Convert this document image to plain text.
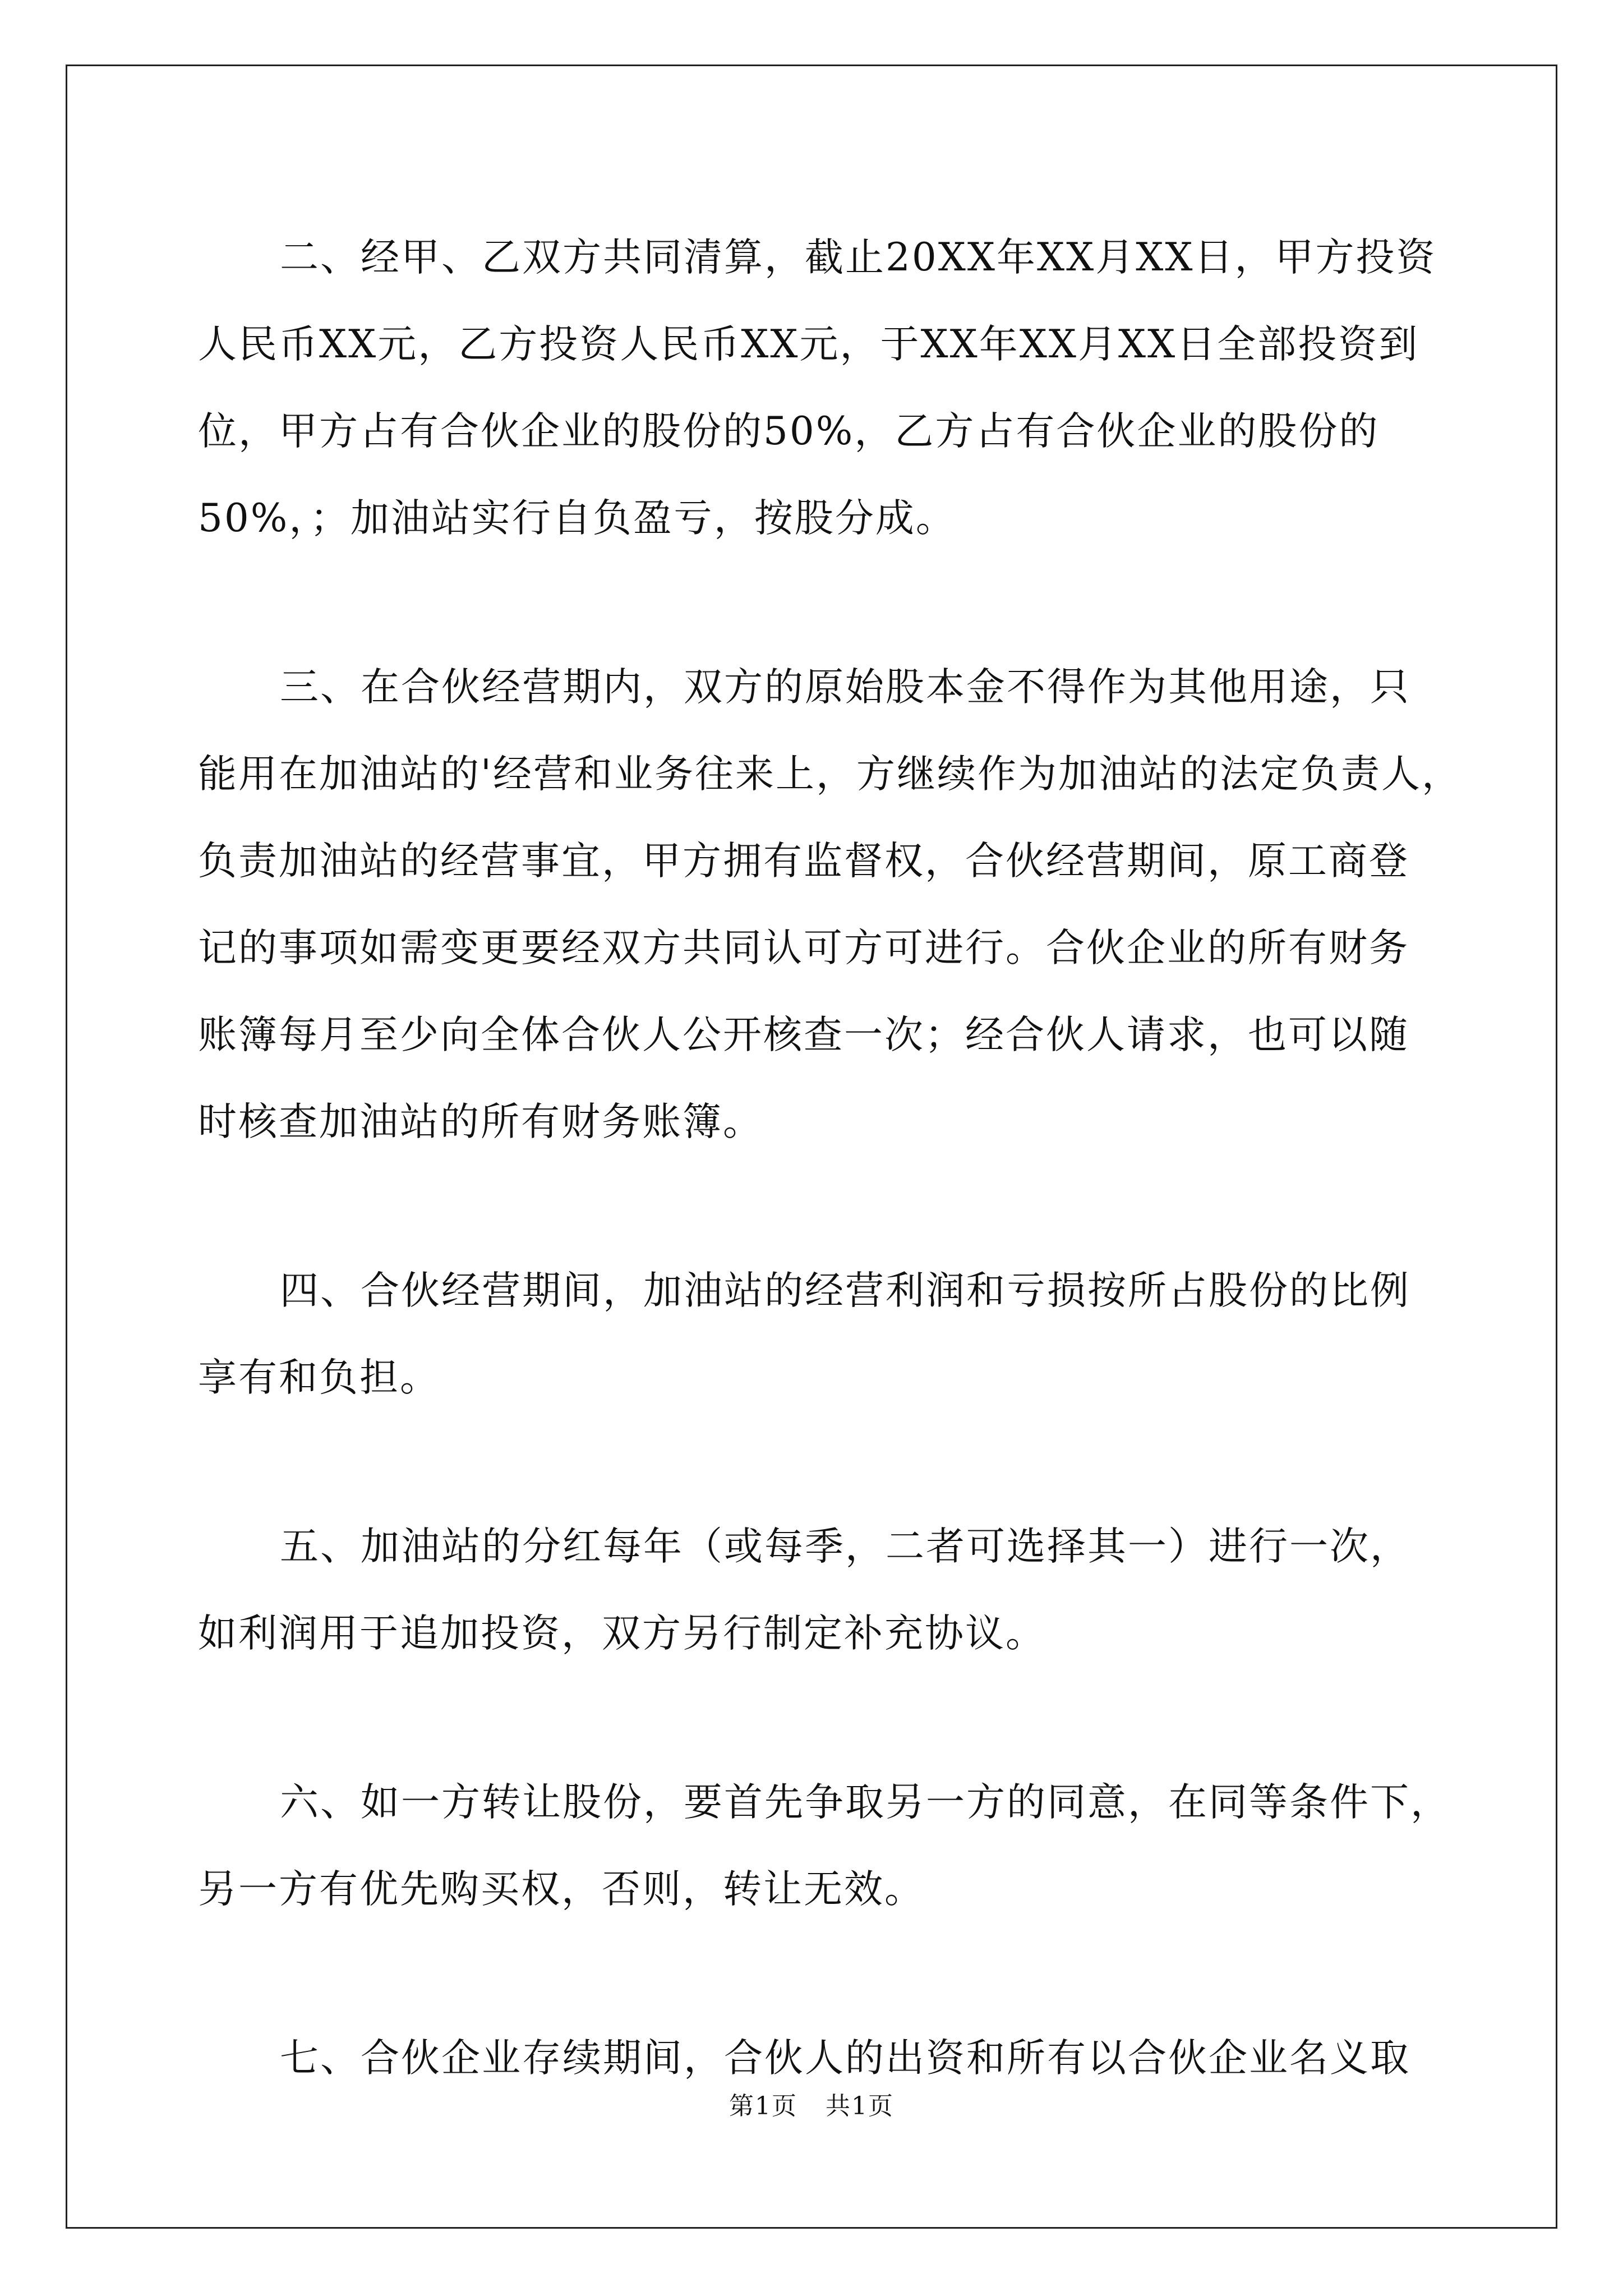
二、经甲、乙双方共同清算，截止20XX年XX月XX日，甲方投资
人民币XX元，乙方投资人民币XX元，于XX年XX月XX日全部投资到
位，甲方占有合伙企业的股份的50%，乙方占有合伙企业的股份的
50%，；加油站实行自负盈亏，按股分成。
三、在合伙经营期内，双方的原始股本金不得作为其他用途，只
能用在加油站的'经营和业务往来上，方继续作为加油站的法定负责人，
负责加油站的经营事宜，甲方拥有监督权，合伙经营期间，原工商登
记的事项如需变更要经双方共同认可方可进行。合伙企业的所有财务
账簿每月至少向全体合伙人公开核查一次；经合伙人请求，也可以随
时核查加油站的所有财务账簿。
四、合伙经营期间，加油站的经营利润和亏损按所占股份的比例
享有和负担。
五、加油站的分红每年（或每季，二者可选择其一）进行一次，
如利润用于追加投资，双方另行制定补充协议。
六、如一方转让股份，要首先争取另一方的同意，在同等条件下，
另一方有优先购买权，否则，转让无效。
七、合伙企业存续期间，合伙人的出资和所有以合伙企业名义取
第1页 共1页
